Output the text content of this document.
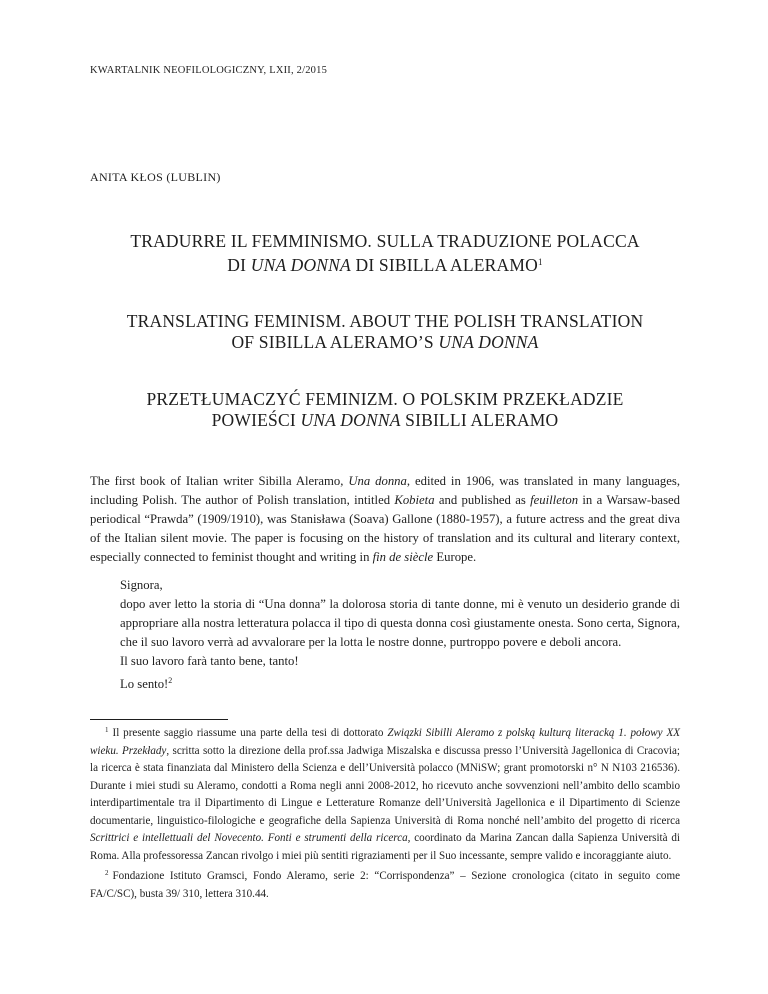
KWARTALNIK NEOFILOLOGICZNY, LXII, 2/2015
ANITA KŁOS (LUBLIN)
TRADURRE IL FEMMINISMO. SULLA TRADUZIONE POLACCA
DI UNA DONNA DI SIBILLA ALERAMO$^1$
TRANSLATING FEMINISM. ABOUT THE POLISH TRANSLATION
OF SIBILLA ALERAMO’S UNA DONNA
PRZETŁUMACZYĆ FEMINIZM. O POLSKIM PRZEKŁADZIE
POWIEŚCI UNA DONNA SIBILLI ALERAMO
The first book of Italian writer Sibilla Aleramo, Una donna, edited in 1906, was translated in many languages, including Polish. The author of Polish translation, intitled Kobieta and published as feuilleton in a Warsaw-based periodical “Prawda” (1909/1910), was Stanisława (Soava) Gallone (1880-1957), a future actress and the great diva of the Italian silent movie. The paper is focusing on the history of translation and its cultural and literary context, especially connected to feminist thought and writing in fin de siècle Europe.

Signora,

dopo aver letto la storia di “Una donna” la dolorosa storia di tante donne, mi è venuto un desiderio grande di appropriare alla nostra letteratura polacca il tipo di questa donna così giustamente onesta. Sono certa, Signora, che il suo lavoro verrà ad avvalorare per la lotta le nostre donne, purtroppo povere e deboli ancora.

Il suo lavoro farà tanto bene, tanto!

Lo sento!$^2$

$^1$ Il presente saggio riassume una parte della tesi di dottorato Związki Sibilli Aleramo z polską kulturą literacką 1. połowy XX wieku. Przekłady, scritta sotto la direzione della prof.ssa Jadwiga Miszalska e discussa presso l’Università Jagellonica di Cracovia; la ricerca è stata finanziata dal Ministero della Scienza e dell’Università polacco (MNiSW; grant promotorski n° N N103 216536). Durante i miei studi su Aleramo, condotti a Roma negli anni 2008-2012, ho ricevuto anche sovvenzioni nell’ambito dello scambio interdipartimentale tra il Dipartimento di Lingue e Letterature Romanze dell’Università Jagellonica e il Dipartimento di Scienze documentarie, linguistico-filologiche e geografiche della Sapienza Università di Roma nonché nell’ambito del progetto di ricerca Scrittrici e intellettuali del Novecento. Fonti e strumenti della ricerca, coordinato da Marina Zancan dalla Sapienza Università di Roma. Alla professoressa Zancan rivolgo i miei più sentiti rigraziamenti per il Suo incessante, sempre valido e incoraggiante aiuto.

$^2$ Fondazione Istituto Gramsci, Fondo Aleramo, serie 2: “Corrispondenza” – Sezione cronologica (citato in seguito come FA/C/SC), busta 39/ 310, lettera 310.44.
